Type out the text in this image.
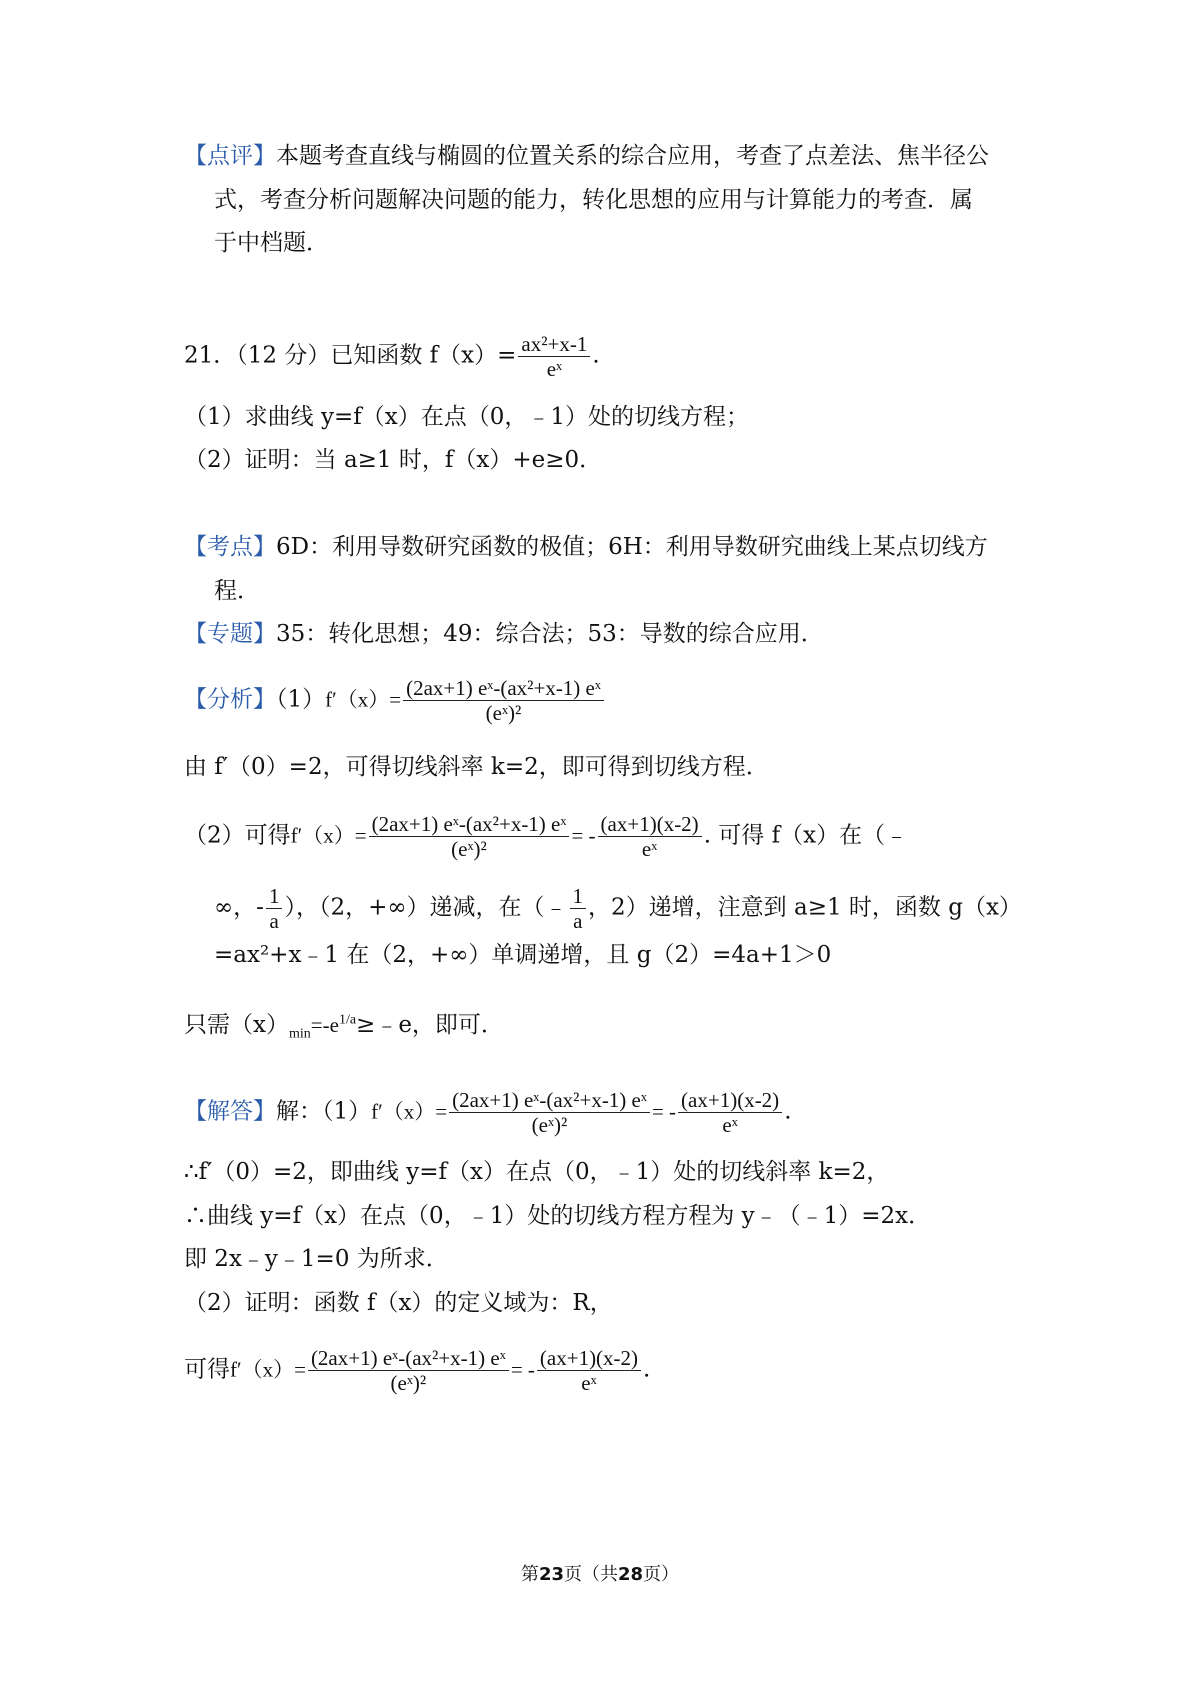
【点评】本题考查直线与椭圆的位置关系的综合应用，考查了点差法、焦半径公
式，考查分析问题解决问题的能力，转化思想的应用与计算能力的考查．属
于中档题．
21．（12 分）已知函数 $f(x)= \frac{\text{ax²+x-1}}{\text{eˣ}}$ .
（1）求曲线 y=f（x）在点（0，﹣1）处的切线方程；
（2）证明：当 a≥1 时，f（x）+e≥0．
【考点】6D：利用导数研究函数的极值；6H：利用导数研究曲线上某点切线方
程．
【专题】35：转化思想；49：综合法；53：导数的综合应用．
【分析】$(1)f'(x)= \frac{\text{(2ax+1) eˣ-(ax²+x-1) eˣ}}{\text{(eˣ)²}}$
由 f′（0）=2，可得切线斜率 k=2，即可得到切线方程．
（2）可得$f'(x)= \frac{\text{(2ax+1) eˣ-(ax²+x-1) eˣ}}{\text{(eˣ)²}}$ = - $\frac{(ax+1)(x-2)}{\text{eˣ}}$ . 可得 f（x）在（﹣
∞，- $\frac{1}{a}$ ），（2，+∞）递减，在（﹣ $\frac{1}{a}$ ，2）递增，注意到 a≥1 时，函数 g（x）
=ax²+x﹣1 在（2，+∞）单调递增，且 g（2）=4a+1＞0
只需$(x)_{min}=-e^{1/a}\ge﹣e$，即可．
【解答】解：$(1)f'(x)= \frac{\text{(2ax+1) eˣ-(ax²+x-1) eˣ}}{\text{(eˣ)²}}$ = - $\frac{(ax+1)(x-2)}{\text{eˣ}}$ .
∴f′（0）=2，即曲线 y=f（x）在点（0，﹣1）处的切线斜率 k=2，
∴曲线 y=f（x）在点（0，﹣1）处的切线方程方程为 y﹣（﹣1）=2x．
即 2x﹣y﹣1=0 为所求．
（2）证明：函数 f（x）的定义域为：R，
可得$f'(x)= \frac{\text{(2ax+1) eˣ-(ax²+x-1) eˣ}}{\text{(eˣ)²}}$ = - $\frac{(ax+1)(x-2)}{\text{eˣ}}$ .
第23页（共28页）
